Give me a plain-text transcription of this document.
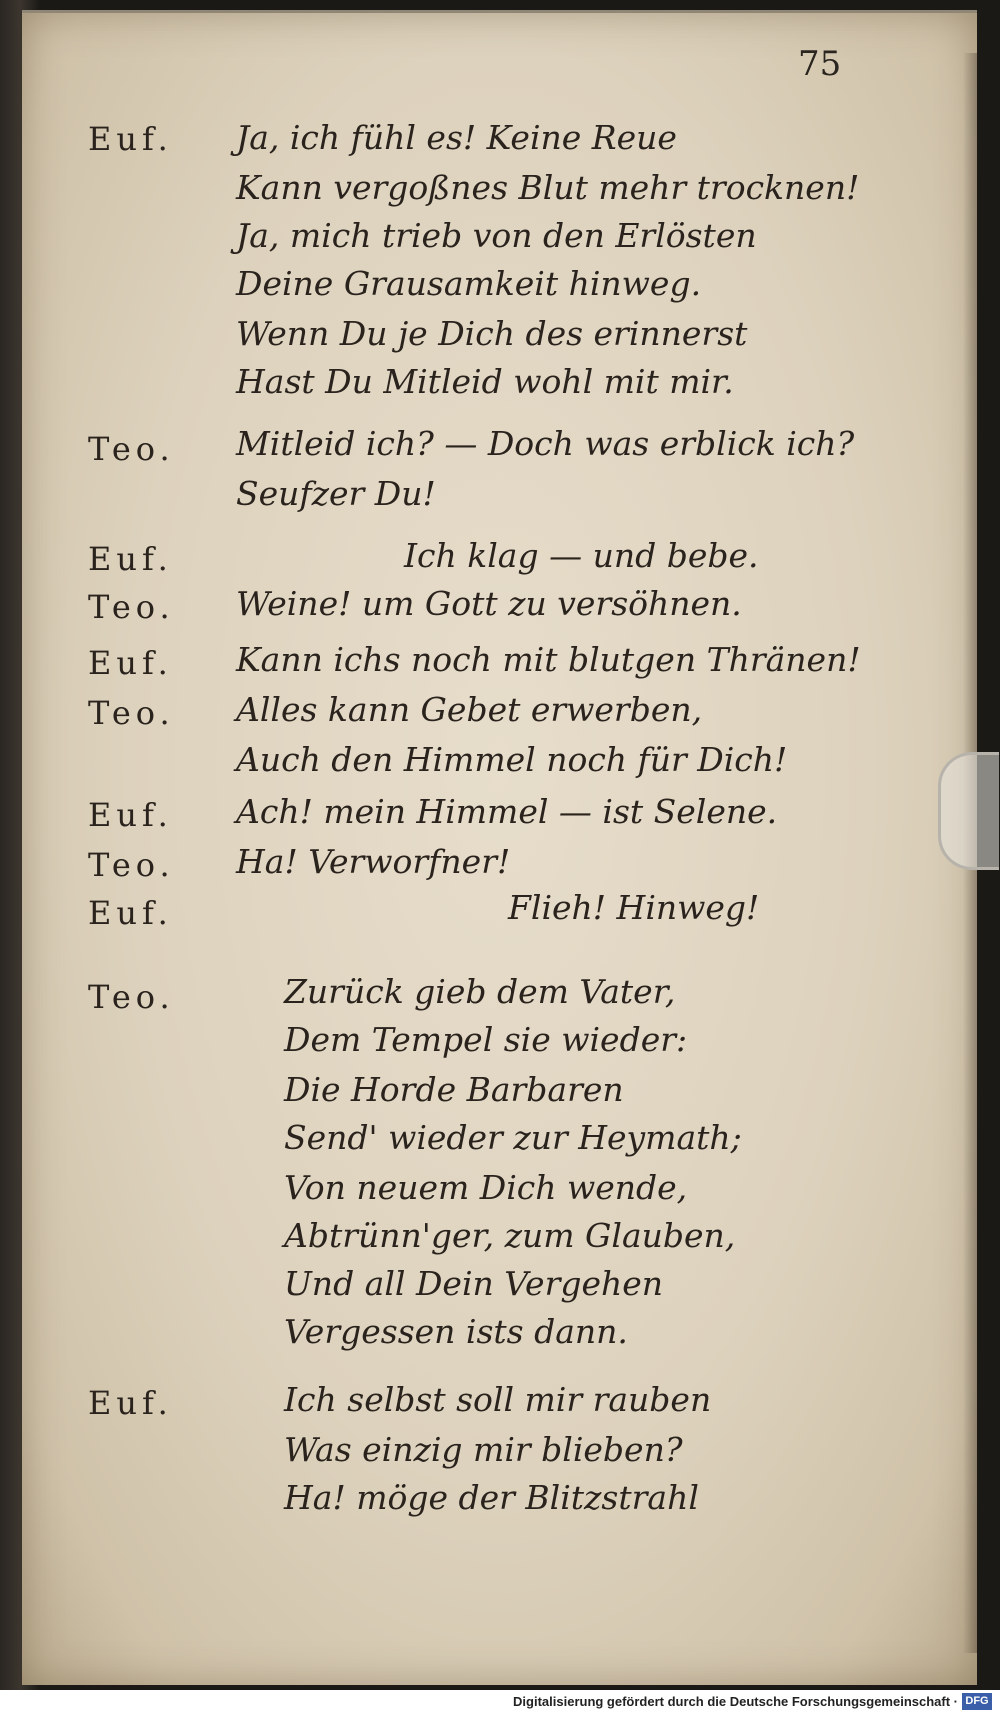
75
Euf.
Teo.
Euf.
Teo.
Euf.
Teo.
Euf.
Teo.
Euf.
Teo.
Euf.
Ja, ich fühl es! Keine Reue
Kann vergoßnes Blut mehr trocknen!
Ja, mich trieb von den Erlösten
Deine Grausamkeit hinweg.
Wenn Du je Dich des erinnerst
Hast Du Mitleid wohl mit mir.
Mitleid ich? — Doch was erblick ich?
Seufzer Du!
Ich klag — und bebe.
Weine! um Gott zu versöhnen.
Kann ichs noch mit blutgen Thränen!
Alles kann Gebet erwerben,
Auch den Himmel noch für Dich!
Ach! mein Himmel — ist Selene.
Ha! Verworfner!
Flieh! Hinweg!
Zurück gieb dem Vater,
Dem Tempel sie wieder:
Die Horde Barbaren
Send' wieder zur Heymath;
Von neuem Dich wende,
Abtrünn'ger, zum Glauben,
Und all Dein Vergehen
Vergessen ists dann.
Ich selbst soll mir rauben
Was einzig mir blieben?
Ha! möge der Blitzstrahl
Digitalisierung gefördert durch die Deutsche Forschungsgemeinschaft · DFG
